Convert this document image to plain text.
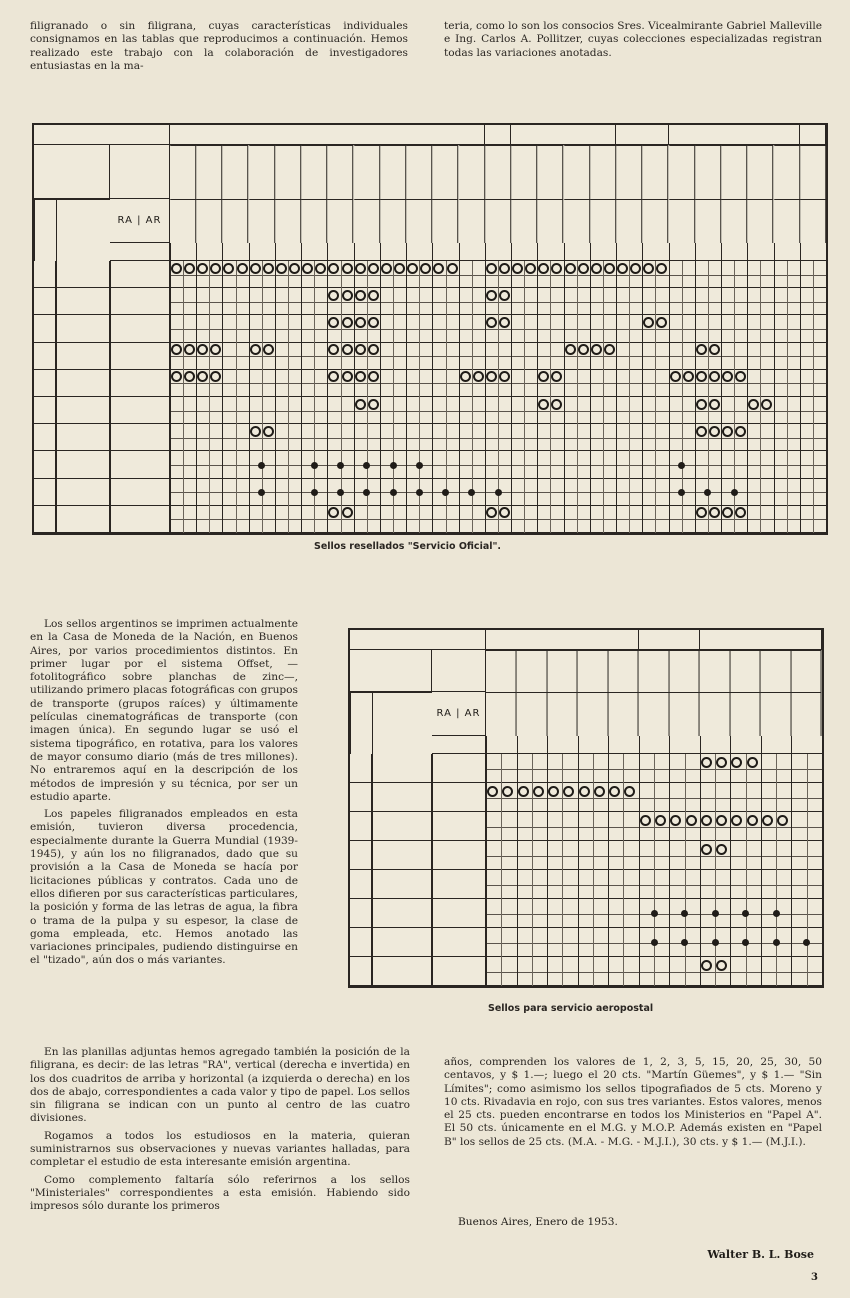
filigranado o sin filigrana, cuyas características individuales consignamos en las tablas que reproducimos a continuación. Hemos realizado este trabajo con la colaboración de investigadores entusiastas en la ma-

teria, como lo son los consocios Sres. Vicealmirante Gabriel Malleville e Ing. Carlos A. Pollitzer, cuyas colecciones especializadas registran todas las variaciones anotadas.

RA | AR
Sellos resellados "Servicio Oficial".

Los sellos argentinos se imprimen actualmente en la Casa de Moneda de la Nación, en Buenos Aires, por varios procedimientos distintos. En primer lugar por el sistema Offset, —fotolitográfico sobre planchas de zinc—, utilizando primero placas fotográficas con grupos de transporte (grupos raíces) y últimamente películas cinematográficas de transporte (con imagen única). En segundo lugar se usó el sistema tipográfico, en rotativa, para los valores de mayor consumo diario (más de tres millones). No entraremos aquí en la descripción de los métodos de impresión y su técnica, por ser un estudio aparte.

Los papeles filigranados empleados en esta emisión, tuvieron diversa procedencia, especialmente durante la Guerra Mundial (1939-1945), y aún los no filigranados, dado que su provisión a la Casa de Moneda se hacía por licitaciones públicas y contratos. Cada uno de ellos difieren por sus características particulares, la posición y forma de las letras de agua, la fibra o trama de la pulpa y su espesor, la clase de goma empleada, etc. Hemos anotado las variaciones principales, pudiendo distinguirse en el "tizado", aún dos o más variantes.

RA | AR
Sellos para servicio aeropostal

En las planillas adjuntas hemos agregado también la posición de la filigrana, es decir: de las letras "RA", vertical (derecha e invertida) en los dos cuadritos de arriba y horizontal (a izquierda o derecha) en los dos de abajo, correspondientes a cada valor y tipo de papel. Los sellos sin filigrana se indican con un punto al centro de las cuatro divisiones.

Rogamos a todos los estudiosos en la materia, quieran suministrarnos sus observaciones y nuevas variantes halladas, para completar el estudio de esta interesante emisión argentina.

Como complemento faltaría sólo referirnos a los sellos "Ministeriales" correspondientes a esta emisión. Habiendo sido impresos sólo durante los primeros

años, comprenden los valores de 1, 2, 3, 5, 15, 20, 25, 30, 50 centavos, y $ 1.—; luego el 20 cts. "Martín Güemes", y $ 1.— "Sin Límites"; como asimismo los sellos tipografiados de 5 cts. Moreno y 10 cts. Rivadavia en rojo, con sus tres variantes. Estos valores, menos el 25 cts. pueden encontrarse en todos los Ministerios en "Papel A". El 50 cts. únicamente en el M.G. y M.O.P. Además existen en "Papel B" los sellos de 25 cts. (M.A. - M.G. - M.J.I.), 30 cts. y $ 1.— (M.J.I.).

Buenos Aires, Enero de 1953.
Walter B. L. Bose
3
